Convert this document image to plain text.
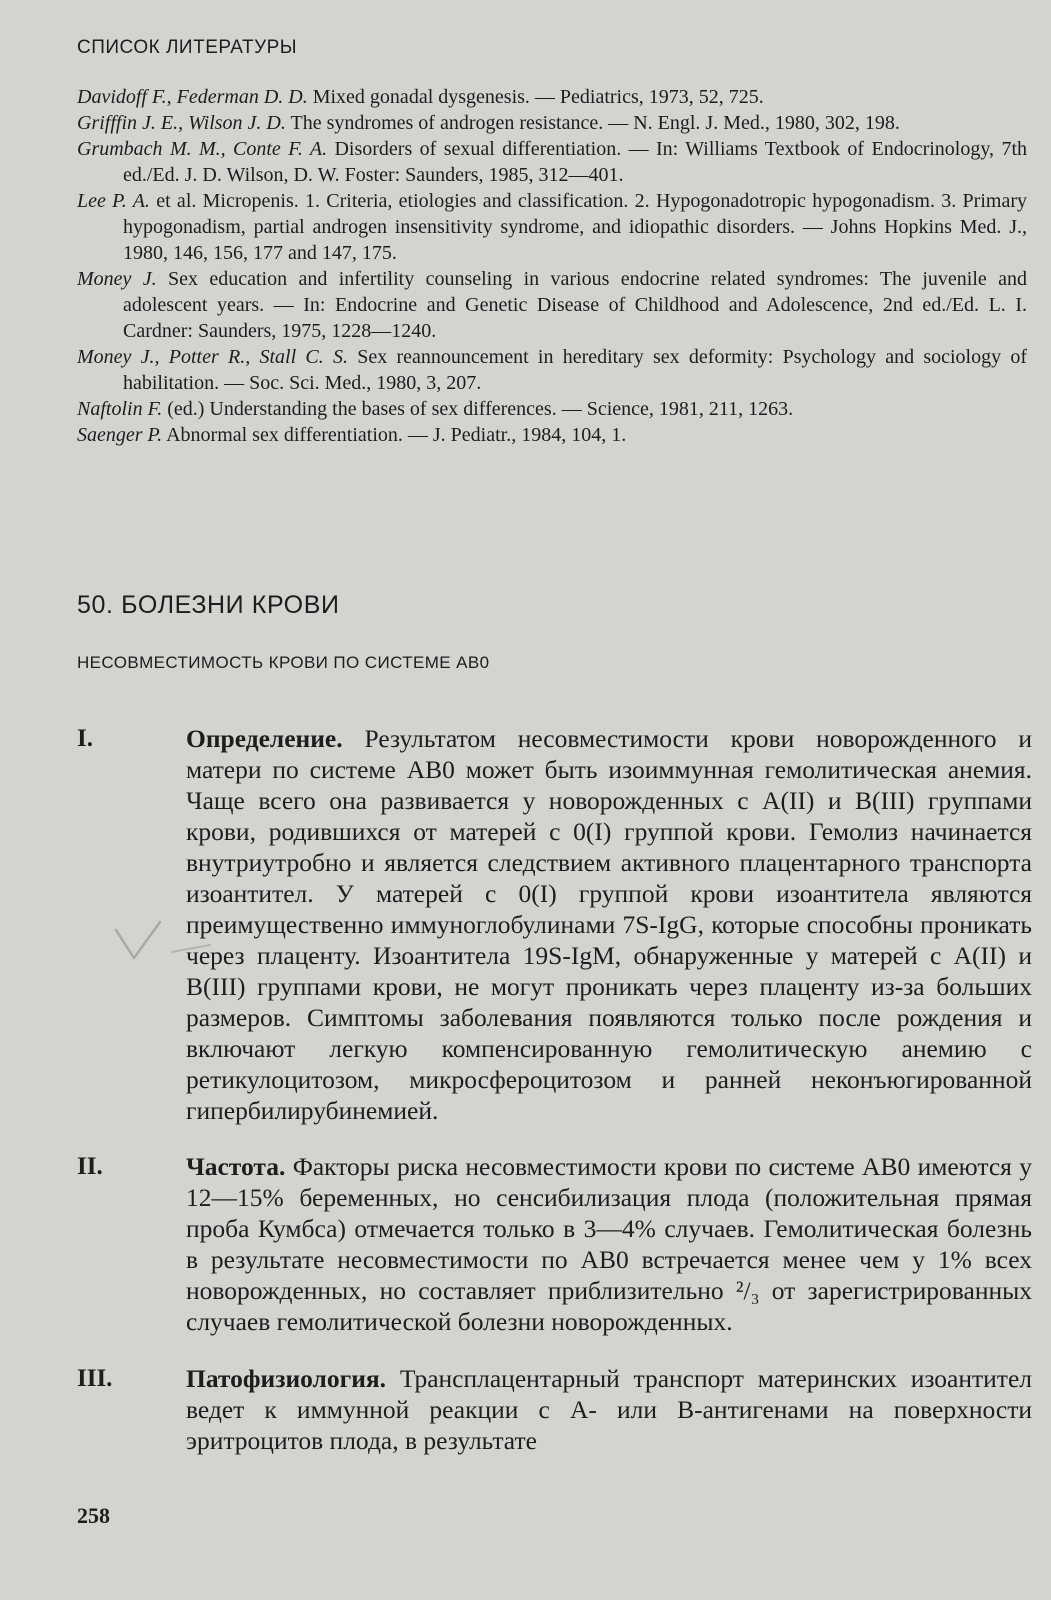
СПИСОК ЛИТЕРАТУРЫ

Davidoff F., Federman D. D. Mixed gonadal dysgenesis. — Pediatrics, 1973, 52, 725.

Grifffin J. E., Wilson J. D. The syndromes of androgen resistance. — N. Engl. J. Med., 1980, 302, 198.

Grumbach M. M., Conte F. A. Disorders of sexual differentiation. — In: Williams Textbook of Endocrinology, 7th ed./Ed. J. D. Wilson, D. W. Foster: Saunders, 1985, 312—401.

Lee P. A. et al. Micropenis. 1. Criteria, etiologies and classification. 2. Hypogonadotropic hypogonadism. 3. Primary hypogonadism, partial androgen insensitivity syndrome, and idiopathic disorders. — Johns Hopkins Med. J., 1980, 146, 156, 177 and 147, 175.

Money J. Sex education and infertility counseling in various endocrine related syndromes: The juvenile and adolescent years. — In: Endocrine and Genetic Disease of Childhood and Adolescence, 2nd ed./Ed. L. I. Cardner: Saunders, 1975, 1228—1240.

Money J., Potter R., Stall C. S. Sex reannouncement in hereditary sex deformity: Psychology and sociology of habilitation. — Soc. Sci. Med., 1980, 3, 207.

Naftolin F. (ed.) Understanding the bases of sex differences. — Science, 1981, 211, 1263.

Saenger P. Abnormal sex differentiation. — J. Pediatr., 1984, 104, 1.

50. БОЛЕЗНИ КРОВИ
НЕСОВМЕСТИМОСТЬ КРОВИ ПО СИСТЕМЕ АВ0
I.	Определение. Результатом несовместимости крови новорожденного и матери по системе АВ0 может быть изоиммунная гемолитическая анемия. Чаще всего она развивается у новорожденных с А(II) и В(III) группами крови, родившихся от матерей с 0(I) группой крови. Гемолиз начинается внутриутробно и является следствием активного плацентарного транспорта изоантител. У матерей с 0(I) группой крови изоантитела являются преимущественно иммуноглобулинами 7S-IgG, которые способны проникать через плаценту. Изоантитела 19S-IgM, обнаруженные у матерей с А(II) и В(III) группами крови, не могут проникать через плаценту из-за больших размеров. Симптомы заболевания появляются только после рождения и включают легкую компенсированную гемолитическую анемию с ретикулоцитозом, микросфероцитозом и ранней неконъюгированной гипербилирубинемией.

II.	Частота. Факторы риска несовместимости крови по системе АВ0 имеются у 12—15% беременных, но сенсибилизация плода (положительная прямая проба Кумбса) отмечается только в 3—4% случаев. Гемолитическая болезнь в результате несовместимости по АВ0 встречается менее чем у 1% всех новорожденных, но составляет приблизительно ²/₃ от зарегистрированных случаев гемолитической болезни новорожденных.

III.	Патофизиология. Трансплацентарный транспорт материнских изоантител ведет к иммунной реакции с А- или В-антигенами на поверхности эритроцитов плода, в результате

258
